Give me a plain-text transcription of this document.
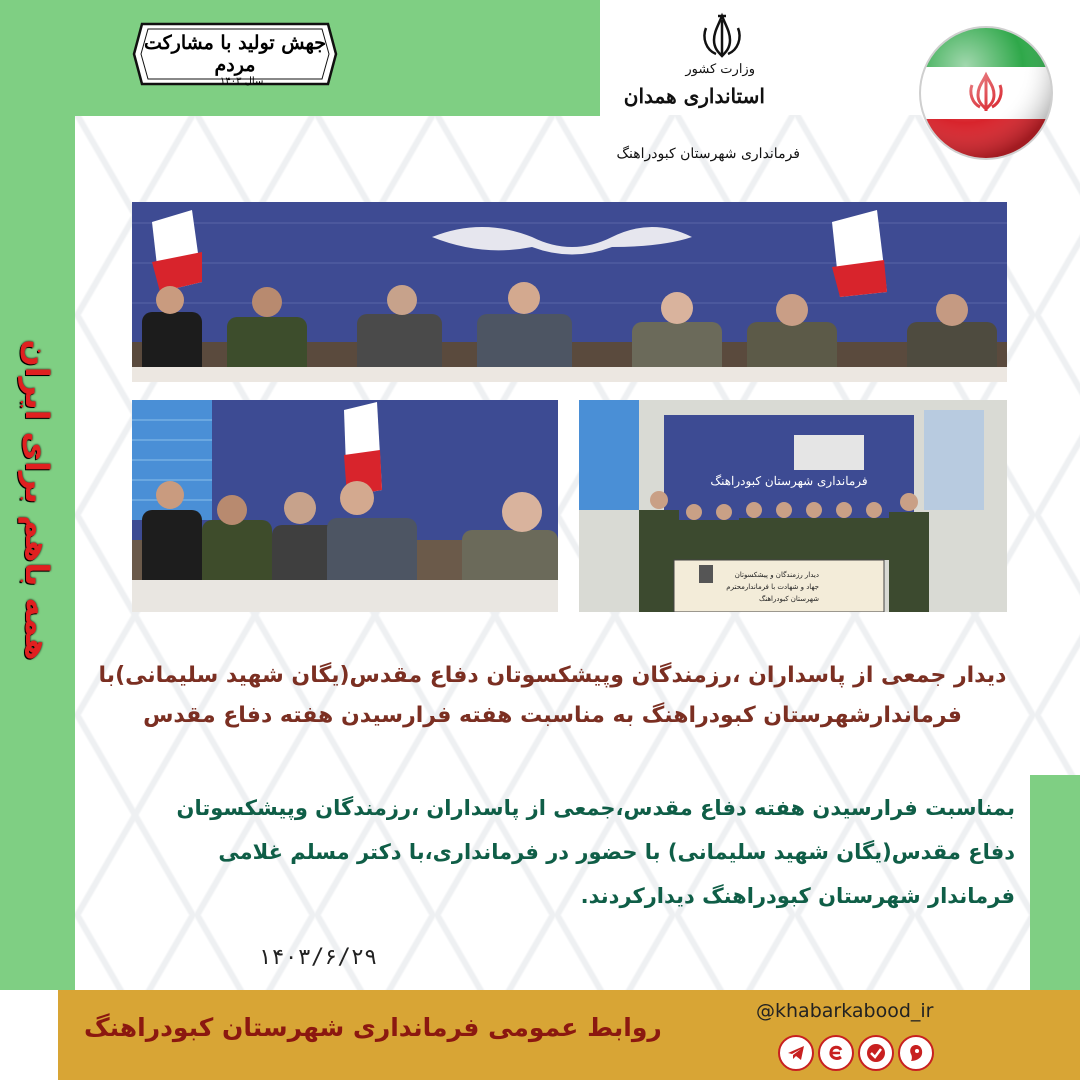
جهش تولید با مشارکت مردم
سال ۱۴۰۳
وزارت کشور
استانداری همدان
فرمانداری شهرستان کبودراهنگ
همه باهم برای ایران	فرمانداری شهرستان کبودراهنگ
دیدار رزمندگان و پیشکسوتان
جهاد و شهادت با فرماندارمحترم
شهرستان کبودراهنگ
دیدار جمعی از پاسداران ،رزمندگان وپیشکسوتان دفاع مقدس(یگان شهید سلیمانی)با فرماندارشهرستان کبودراهنگ به مناسبت هفته فرارسیدن هفته دفاع مقدس
بمناسبت فرارسیدن هفته دفاع مقدس،جمعی از پاسداران ،رزمندگان وپیشکسوتان دفاع مقدس(یگان شهید سلیمانی) با حضور در فرمانداری،با دکتر مسلم غلامی فرماندار شهرستان کبودراهنگ دیدارکردند.
۱۴۰۳/۶/۲۹
روابط عمومی فرمانداری شهرستان کبودراهنگ
@khabarkabood_ir
